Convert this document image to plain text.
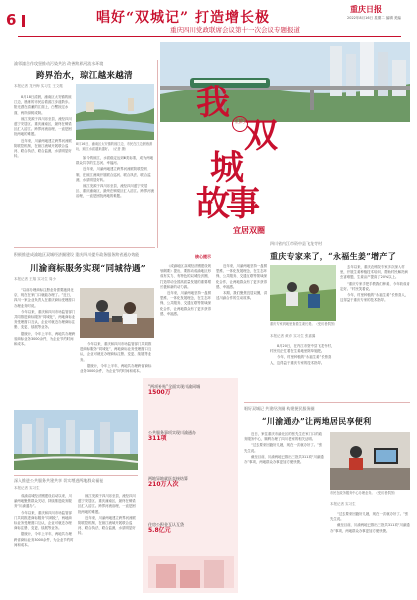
6	唱好“双城记” 打造增长极
重庆四川党政联席会议第十一次会议专题报道
重庆日报
2022年8月16日 星期二 编辑 美编
渝邻潼合作攻坚推动污染共治 改善跨界河流水环境
跨界治水，琼江越来越清
本报记者 龙丹梅 实习生 王文懿

8月18日清晨，潼南区太安镇的琼江边，晨练的市民沿着滨江步道散步。阳光洒在清澈的江面上，白鹭掠过水面，两岸绿树成荫。

琼江发源于四川乐至县，流经四川遂宁安居区、重庆潼南区，最终在铜梁区汇入涪江。跨界河流治理，一直是困扰两地的难题。

近年来，川渝两地建立跨界河流联防联控机制，在琼江流域开展联合巡河、联合执法、联合监测，水质明显好转。

8月16日，潼南区太安镇的琼江边，市民在江边晨练游玩，琼江水质越来越好。（记者 摄）

如今的琼江，水质稳定达到Ⅲ类标准，成为两地群众共享的生态河、幸福河。

近年来，川渝两地建立跨界河流联防联控机制，在琼江流域开展联合巡河、联合执法、联合监测，水质明显好转。

琼江发源于四川乐至县，流经四川遂宁安居区、重庆潼南区，最终在铜梁区汇入涪江。跨界河流治理，一直是困扰两地的难题。

积极推进成渝地区双城经济圈建设 重庆四川提升政务服务跨省通办效能
川渝商标服务实现“同城待遇”
本报记者 王翔 实习生 周小

“以前办理商标注册业务需要跑到北京，现在在家门口就能办理了。”近日，四川一家企业负责人在重庆商标受理窗口办理业务时说。

今年以来，重庆和四川市场监管部门共同推进商标服务“同城化”，两地商标业务受理窗口互认，企业可就近办理商标注册、变更、续展等业务。

据统计，今年上半年，两地共办理跨省商标业务3000余件，为企业节约时间和成本。	今年以来，重庆和四川市场监管部门共同推进商标服务“同城化”，两地商标业务受理窗口互认，企业可就近办理商标注册、变更、续展等业务。

据统计，今年上半年，两地共办理跨省商标业务3000余件，为企业节约时间和成本。

深入推进公共服务共建共享 切实增进两地群众福祉
本报记者 实习生

成渝双城经济圈建设启动以来，川渝两地聚焦群众关切，持续推进政务服务“川渝通办”。

今年以来，重庆和四川市场监管部门共同推进商标服务“同城化”，两地商标业务受理窗口互认，企业可就近办理商标注册、变更、续展等业务。

据统计，今年上半年，两地共办理跨省商标业务3000余件，为企业节约时间和成本。

琼江发源于四川乐至县，流经四川遂宁安居区、重庆潼南区，最终在铜梁区汇入涪江。跨界河流治理，一直是困扰两地的难题。

近年来，川渝两地建立跨界河流联防联控机制，在琼江流域开展联合巡河、联合执法、联合监测，水质明显好转。

我 们的 双
城
故
事
宜居双圈
核心提示

《成渝地区双城经济圈建设规划纲要》提出，要推动成渝地区形成有实力、有特色的双城经济圈，打造带动全国高质量发展的重要增长极和新的动力源。

近年来，川渝两地坚持一盘棋思维、一体化发展理念，在生态环保、公共服务、交通互联等领域深化合作，让两地群众有了更多获得感、幸福感。

近年来，川渝两地坚持一盘棋思维、一体化发展理念，在生态环保、公共服务、交通互联等领域深化合作，让两地群众有了更多获得感、幸福感。

本期，我们聚焦宜居双圈，讲述川渝合作的生动故事。

“两项补贴”全面实现川渝同城
1500万
公共服务事项实现川渝通办
311项
两地异地就医直接结算
210万人次
住房公积金互认互贷
5.8亿元
四川省内江市资中县飞龙寺村
重庆专家来了，“永福生姜”增产了
重庆专家到地里查看生姜长势。（受访者供图）
本报记者 黄乔 实习生 张嘉翼

8月20日，在内江市资中县飞龙寺村，村民们正忙着在生姜地里除草施肥。

今年，村里种植的“永福生姜”长势喜人，这得益于重庆专家的技术指导。

去年以来，重庆农科院专家多次深入村里，开展生姜种植技术培训，帮助村民解决病虫害难题，生姜亩产提高了20%以上。

“重庆专家手把手教我们种姜，今年收成肯定好。”村民笑着说。

今年，村里种植的“永福生姜”长势喜人，这得益于重庆专家的技术指导。

唱好双城记 共建经济圈 构建便民服务圈
“川渝通办”让两地居民享便利

近日，家住重庆市渝北区的张先生在家门口的政务服务中心，顺利办理了四川老家的相关证明。

“过去要来回跑好几趟，现在一次就办好了。”张先生说。

截至目前，川渝两地已推出三批共311项“川渝通办”事项，两地群众办事更加方便快捷。

市民在政务服务中心办理业务。（受访者供图）
本报记者 实习生

“过去要来回跑好几趟，现在一次就办好了。”张先生说。

截至目前，川渝两地已推出三批共311项“川渝通办”事项，两地群众办事更加方便快捷。
